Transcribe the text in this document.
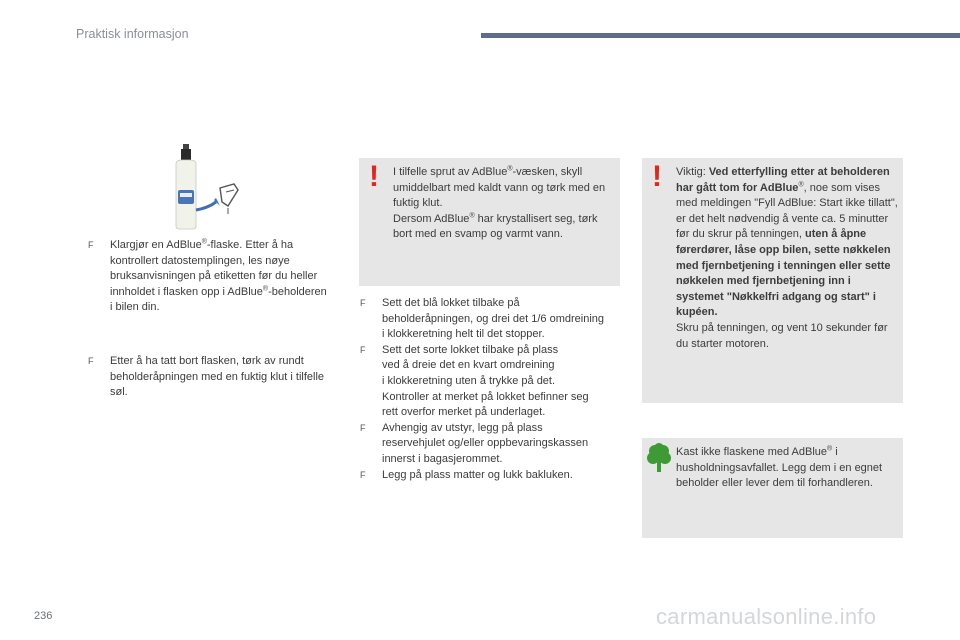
Praktisk informasjon
F Klargjør en AdBlue®-flaske. Etter å ha kontrollert datostemplingen, les nøye bruksanvisningen på etiketten før du heller innholdet i flasken opp i AdBlue®-beholderen i bilen din.
F Etter å ha tatt bort flasken, tørk av rundt beholderåpningen med en fuktig klut i tilfelle søl.
! I tilfelle sprut av AdBlue®-væsken, skyll umiddelbart med kaldt vann og tørk med en fuktig klut.
Dersom AdBlue® har krystallisert seg, tørk bort med en svamp og varmt vann.
F Sett det blå lokket tilbake på
beholderåpningen, og drei det 1/6 omdreining
i klokkeretning helt til det stopper.
F Sett det sorte lokket tilbake på plass
ved å dreie det en kvart omdreining
i klokkeretning uten å trykke på det.
Kontroller at merket på lokket befinner seg
rett overfor merket på underlaget.
F Avhengig av utstyr, legg på plass
reservehjulet og/eller oppbevaringskassen
innerst i bagasjerommet.
F Legg på plass matter og lukk bakluken.
! Viktig: Ved etterfylling etter at beholderen har gått tom for AdBlue®, noe som vises med meldingen "Fyll AdBlue: Start ikke tillatt", er det helt nødvendig å vente ca. 5 minutter før du skrur på tenningen, uten å åpne førerdører, låse opp bilen, sette nøkkelen med fjernbetjening i tenningen eller sette nøkkelen med fjernbetjening inn i systemet "Nøkkelfri adgang og start" i kupéen.
Skru på tenningen, og vent 10 sekunder før du starter motoren.
Kast ikke flaskene med AdBlue® i husholdningsavfallet. Legg dem i en egnet beholder eller lever dem til forhandleren.
236	carmanualsonline.info
